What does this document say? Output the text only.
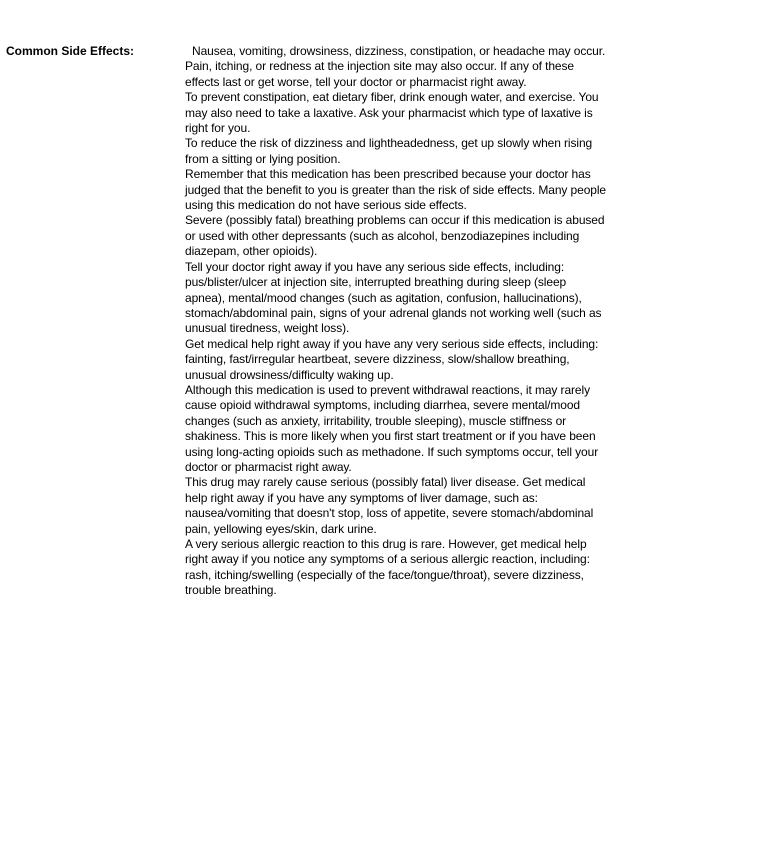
Common Side Effects:	Nausea, vomiting, drowsiness, dizziness, constipation, or headache may occur. Pain, itching, or redness at the injection site may also occur. If any of these effects last or get worse, tell your doctor or pharmacist right away.

To prevent constipation, eat dietary fiber, drink enough water, and exercise. You may also need to take a laxative. Ask your pharmacist which type of laxative is right for you.

To reduce the risk of dizziness and lightheadedness, get up slowly when rising from a sitting or lying position.

Remember that this medication has been prescribed because your doctor has judged that the benefit to you is greater than the risk of side effects. Many people using this medication do not have serious side effects.

Severe (possibly fatal) breathing problems can occur if this medication is abused or used with other depressants (such as alcohol, benzodiazepines including diazepam, other opioids).

Tell your doctor right away if you have any serious side effects, including: pus/blister/ulcer at injection site, interrupted breathing during sleep (sleep apnea), mental/mood changes (such as agitation, confusion, hallucinations), stomach/abdominal pain, signs of your adrenal glands not working well (such as unusual tiredness, weight loss).

Get medical help right away if you have any very serious side effects, including: fainting, fast/irregular heartbeat, severe dizziness, slow/shallow breathing, unusual drowsiness/difficulty waking up.

Although this medication is used to prevent withdrawal reactions, it may rarely cause opioid withdrawal symptoms, including diarrhea, severe mental/mood changes (such as anxiety, irritability, trouble sleeping), muscle stiffness or shakiness. This is more likely when you first start treatment or if you have been using long-acting opioids such as methadone. If such symptoms occur, tell your doctor or pharmacist right away.

This drug may rarely cause serious (possibly fatal) liver disease. Get medical help right away if you have any symptoms of liver damage, such as: nausea/vomiting that doesn't stop, loss of appetite, severe stomach/abdominal pain, yellowing eyes/skin, dark urine.

A very serious allergic reaction to this drug is rare. However, get medical help right away if you notice any symptoms of a serious allergic reaction, including: rash, itching/swelling (especially of the face/tongue/throat), severe dizziness, trouble breathing.
